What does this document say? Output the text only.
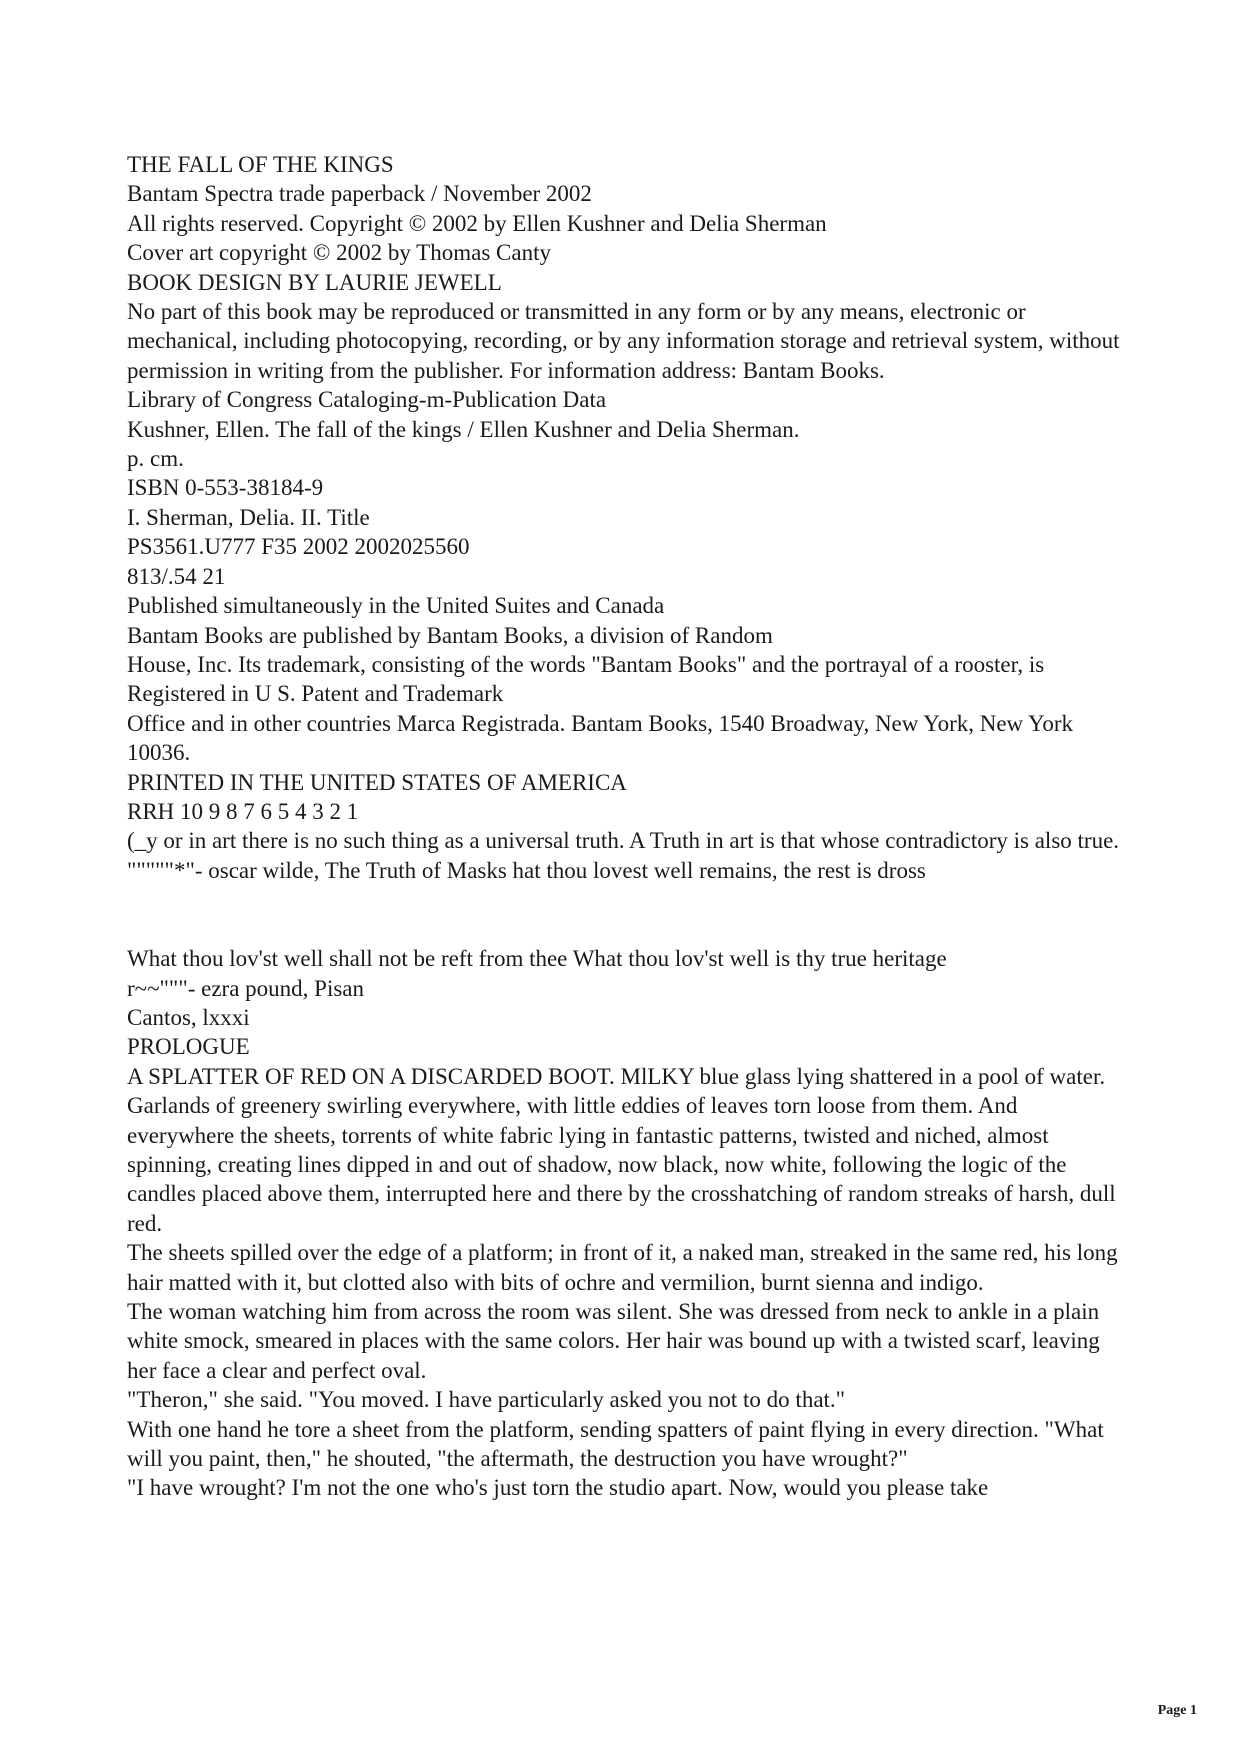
THE FALL OF THE KINGS
Bantam Spectra trade paperback / November 2002
All rights reserved. Copyright © 2002 by Ellen Kushner and Delia Sherman
Cover art copyright © 2002 by Thomas Canty
BOOK DESIGN BY LAURIE JEWELL
No part of this book may be reproduced or transmitted in any form or by any means, electronic or mechanical, including photocopying, recording, or by any information storage and retrieval system, without permission in writing from the publisher. For information address: Bantam Books.
Library of Congress Cataloging-m-Publication Data
Kushner, Ellen. The fall of the kings / Ellen Kushner and Delia Sherman.
p. cm.
ISBN 0-553-38184-9
I. Sherman, Delia. II. Title
PS3561.U777 F35 2002 2002025560
813/.54 21
Published simultaneously in the United Suites and Canada
Bantam Books are published by Bantam Books, a division of Random
House, Inc. Its trademark, consisting of the words "Bantam Books" and the portrayal of a rooster, is Registered in U S. Patent and Trademark
Office and in other countries Marca Registrada. Bantam Books, 1540 Broadway, New York, New York 10036.
PRINTED IN THE UNITED STATES OF AMERICA
RRH 10 9 8 7 6 5 4 3 2 1
(_y or in art there is no such thing as a universal truth. A Truth in art is that whose contradictory is also true.
"""""*"- oscar wilde, The Truth of Masks hat thou lovest well remains, the rest is dross
What thou lov'st well shall not be reft from thee What thou lov'st well is thy true heritage
r~~"""- ezra pound, Pisan
Cantos, lxxxi
PROLOGUE
A SPLATTER OF RED ON A DISCARDED BOOT. MlLKY blue glass lying shattered in a pool of water. Garlands of greenery swirling everywhere, with little eddies of leaves torn loose from them. And everywhere the sheets, torrents of white fabric lying in fantastic patterns, twisted and niched, almost spinning, creating lines dipped in and out of shadow, now black, now white, following the logic of the candles placed above them, interrupted here and there by the crosshatching of random streaks of harsh, dull red.
The sheets spilled over the edge of a platform; in front of it, a naked man, streaked in the same red, his long hair matted with it, but clotted also with bits of ochre and vermilion, burnt sienna and indigo.
The woman watching him from across the room was silent. She was dressed from neck to ankle in a plain white smock, smeared in places with the same colors. Her hair was bound up with a twisted scarf, leaving her face a clear and perfect oval.
"Theron," she said. "You moved. I have particularly asked you not to do that."
With one hand he tore a sheet from the platform, sending spatters of paint flying in every direction. "What will you paint, then," he shouted, "the aftermath, the destruction you have wrought?"
"I have wrought? I'm not the one who's just torn the studio apart. Now, would you please take
Page 1
